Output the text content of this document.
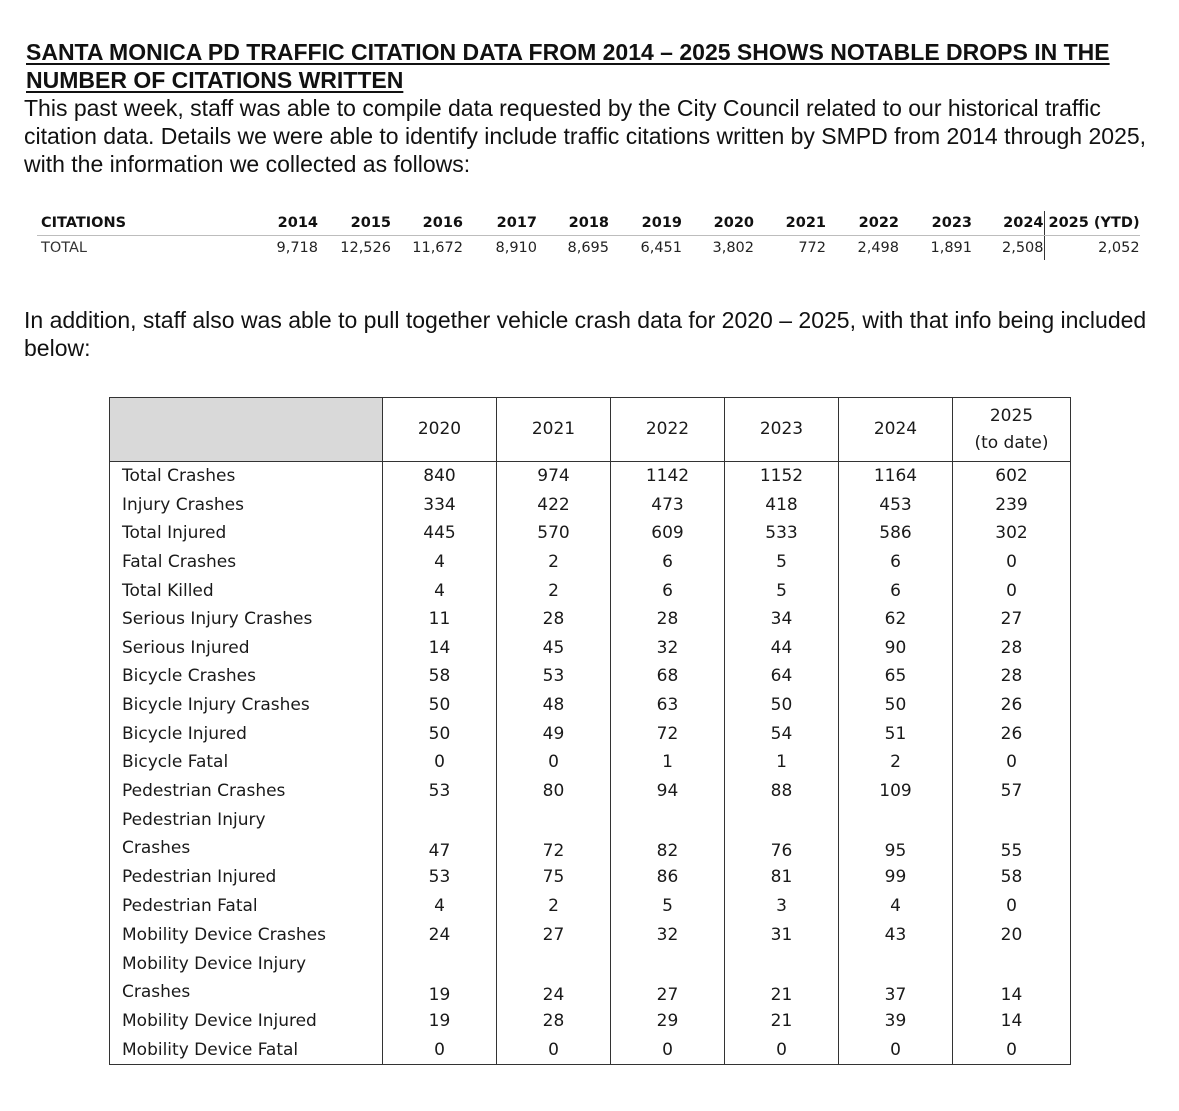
SANTA MONICA PD TRAFFIC CITATION DATA FROM 2014 – 2025 SHOWS NOTABLE DROPS IN THE NUMBER OF CITATIONS WRITTEN
This past week, staff was able to compile data requested by the City Council related to our historical traffic citation data. Details we were able to identify include traffic citations written by SMPD from 2014 through 2025, with the information we collected as follows:
CITATIONS	2014	2015	2016	2017	2018	2019	2020	2021	2022	2023	2024	2025 (YTD)
TOTAL	9,718	12,526	11,672	8,910	8,695	6,451	3,802	772	2,498	1,891	2,508	2,052
In addition, staff also was able to pull together vehicle crash data for 2020 – 2025, with that info being included below:
	2020	2021	2022	2023	2024	2025
(to date)

Total Crashes	840	974	1142	1152	1164	602

Injury Crashes	334	422	473	418	453	239

Total Injured	445	570	609	533	586	302

Fatal Crashes	4	2	6	5	6	0

Total Killed	4	2	6	5	6	0

Serious Injury Crashes	11	28	28	34	62	27

Serious Injured	14	45	32	44	90	28

Bicycle Crashes	58	53	68	64	65	28

Bicycle Injury Crashes	50	48	63	50	50	26

Bicycle Injured	50	49	72	54	51	26

Bicycle Fatal	0	0	1	1	2	0

Pedestrian Crashes	53	80	94	88	109	57

Pedestrian Injury
Crashes	47	72	82	76	95	55

Pedestrian Injured	53	75	86	81	99	58

Pedestrian Fatal	4	2	5	3	4	0

Mobility Device Crashes	24	27	32	31	43	20

Mobility Device Injury
Crashes	19	24	27	21	37	14

Mobility Device Injured	19	28	29	21	39	14

Mobility Device Fatal	0	0	0	0	0	0
